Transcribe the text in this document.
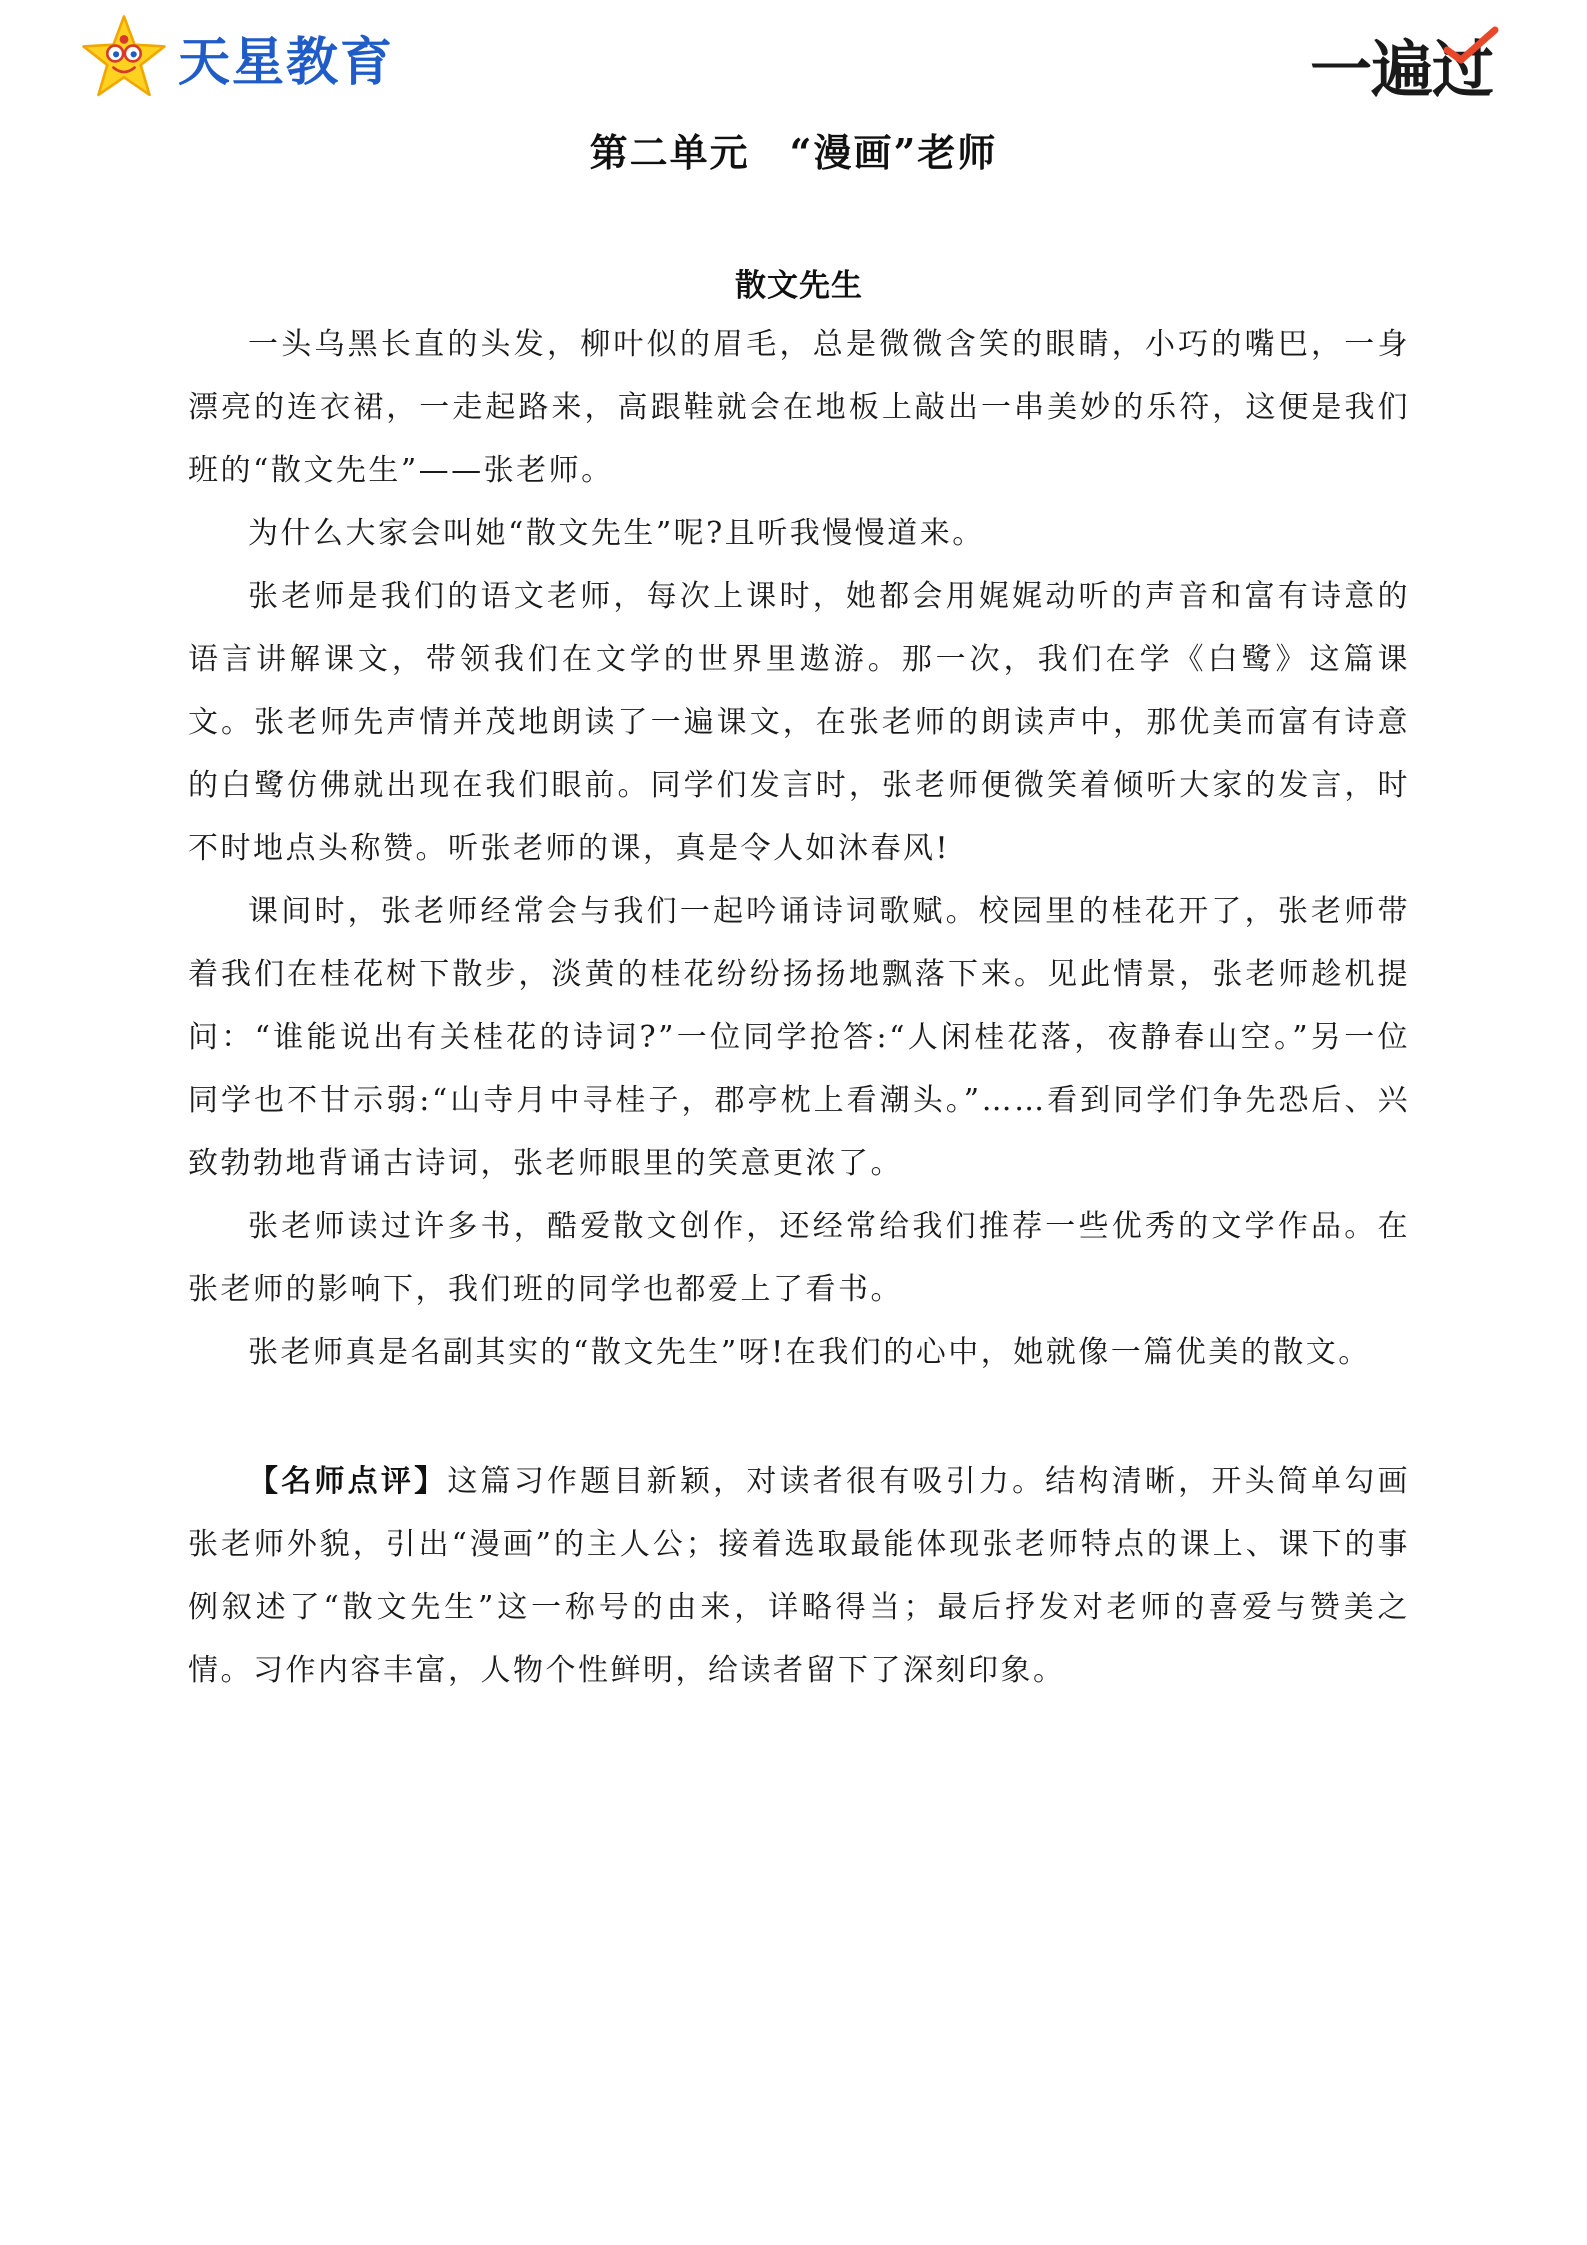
天星教育	一遍过
第二单元　“漫画”老师
散文先生

一头乌黑长直的头发，柳叶似的眉毛，总是微微含笑的眼睛，小巧的嘴巴，一身漂亮的连衣裙，一走起路来，高跟鞋就会在地板上敲出一串美妙的乐符，这便是我们班的“散文先生”——张老师。

为什么大家会叫她“散文先生”呢?且听我慢慢道来。

张老师是我们的语文老师，每次上课时，她都会用娓娓动听的声音和富有诗意的语言讲解课文，带领我们在文学的世界里遨游。那一次，我们在学《白鹭》这篇课文。张老师先声情并茂地朗读了一遍课文，在张老师的朗读声中，那优美而富有诗意的白鹭仿佛就出现在我们眼前。同学们发言时，张老师便微笑着倾听大家的发言，时不时地点头称赞。听张老师的课，真是令人如沐春风!

课间时，张老师经常会与我们一起吟诵诗词歌赋。校园里的桂花开了，张老师带着我们在桂花树下散步，淡黄的桂花纷纷扬扬地飘落下来。见此情景，张老师趁机提问：“谁能说出有关桂花的诗词?”一位同学抢答:“人闲桂花落，夜静春山空。”另一位同学也不甘示弱:“山寺月中寻桂子，郡亭枕上看潮头。”……看到同学们争先恐后、兴致勃勃地背诵古诗词，张老师眼里的笑意更浓了。

张老师读过许多书，酷爱散文创作，还经常给我们推荐一些优秀的文学作品。在张老师的影响下，我们班的同学也都爱上了看书。

张老师真是名副其实的“散文先生”呀!在我们的心中，她就像一篇优美的散文。

【名师点评】这篇习作题目新颖，对读者很有吸引力。结构清晰，开头简单勾画张老师外貌，引出“漫画”的主人公；接着选取最能体现张老师特点的课上、课下的事例叙述了“散文先生”这一称号的由来，详略得当；最后抒发对老师的喜爱与赞美之情。习作内容丰富，人物个性鲜明，给读者留下了深刻印象。
